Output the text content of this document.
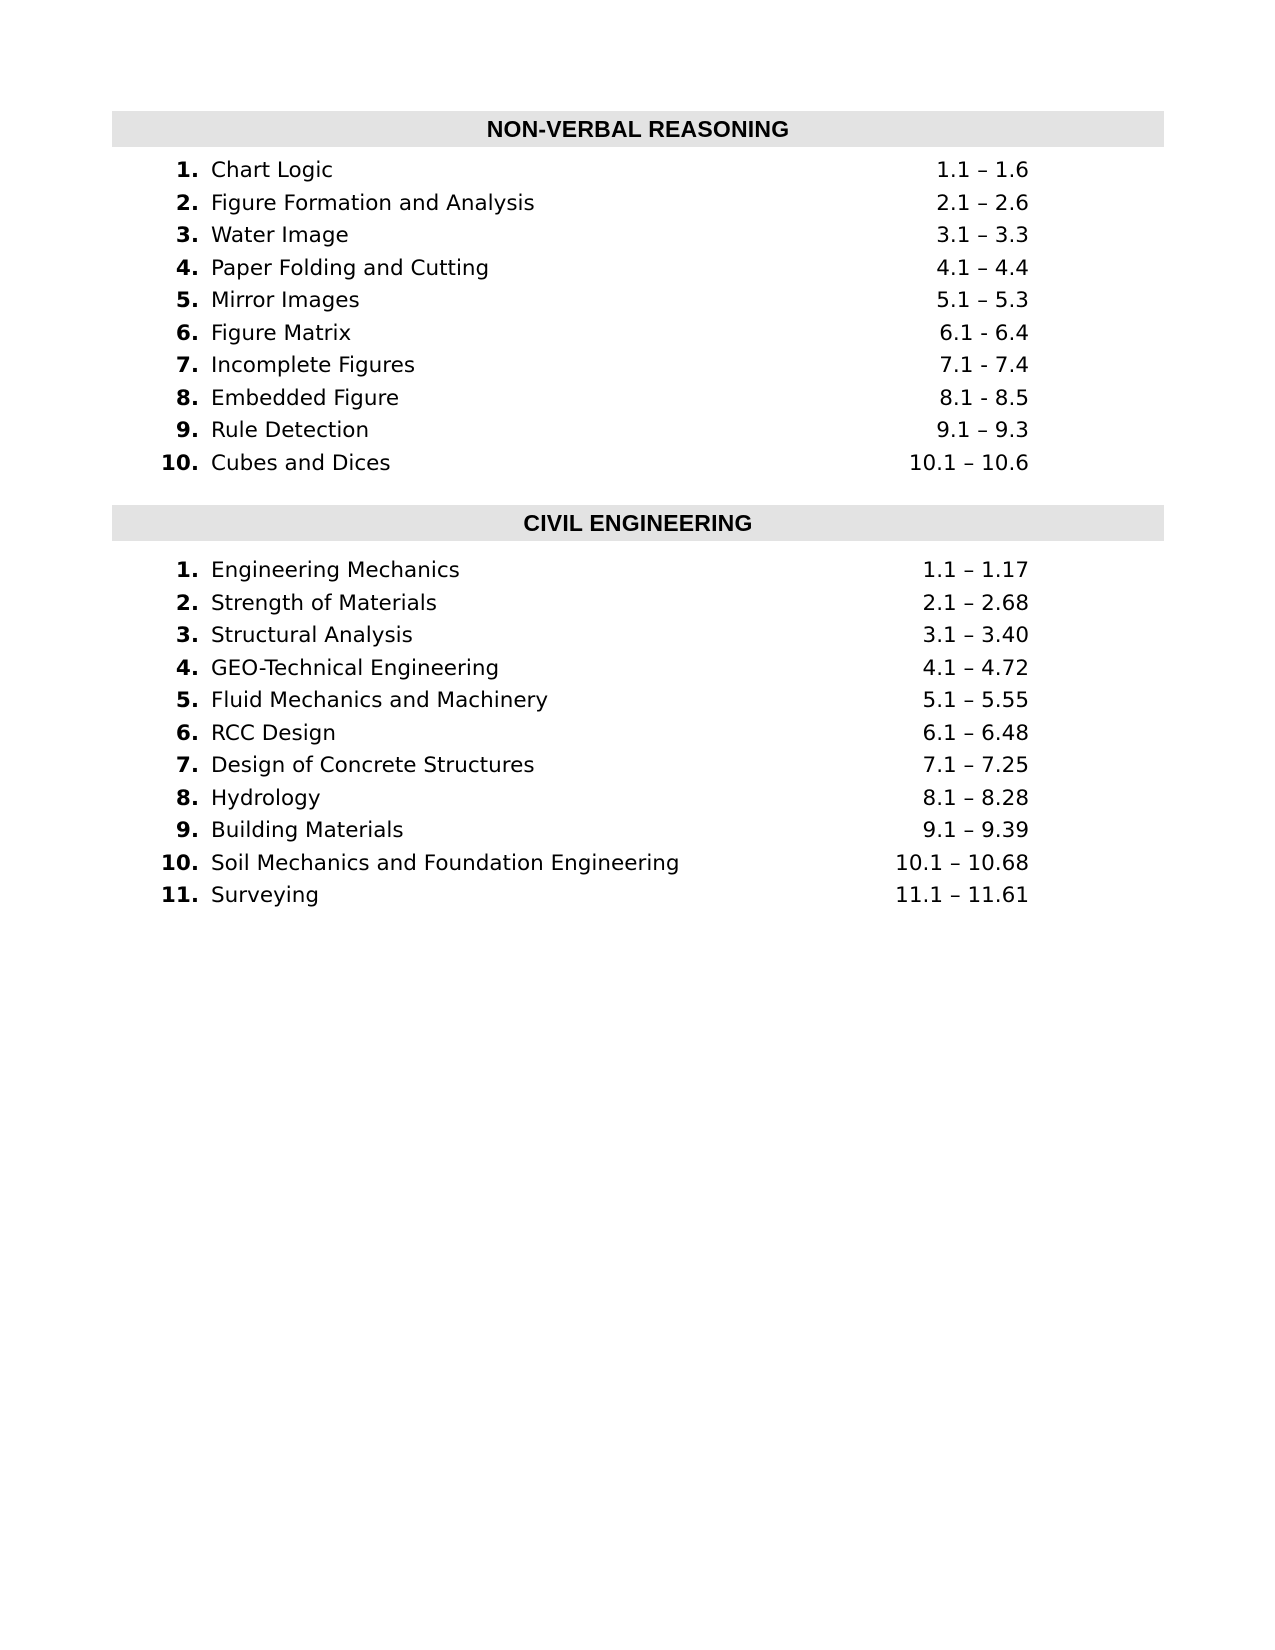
NON-VERBAL REASONING
1. Chart Logic	1.1 – 1.6
2. Figure Formation and Analysis	2.1 – 2.6
3. Water Image	3.1 – 3.3
4. Paper Folding and Cutting	4.1 – 4.4
5. Mirror Images	5.1 – 5.3
6. Figure Matrix	6.1 - 6.4
7. Incomplete Figures	7.1 - 7.4
8. Embedded Figure	8.1 - 8.5
9. Rule Detection	9.1 – 9.3
10. Cubes and Dices	10.1 – 10.6
CIVIL ENGINEERING
1. Engineering Mechanics	1.1 – 1.17
2. Strength of Materials	2.1 – 2.68
3. Structural Analysis	3.1 – 3.40
4. GEO-Technical Engineering	4.1 – 4.72
5. Fluid Mechanics and Machinery	5.1 – 5.55
6. RCC Design	6.1 – 6.48
7. Design of Concrete Structures	7.1 – 7.25
8. Hydrology	8.1 – 8.28
9. Building Materials	9.1 – 9.39
10. Soil Mechanics and Foundation Engineering	10.1 – 10.68
11. Surveying	11.1 – 11.61
